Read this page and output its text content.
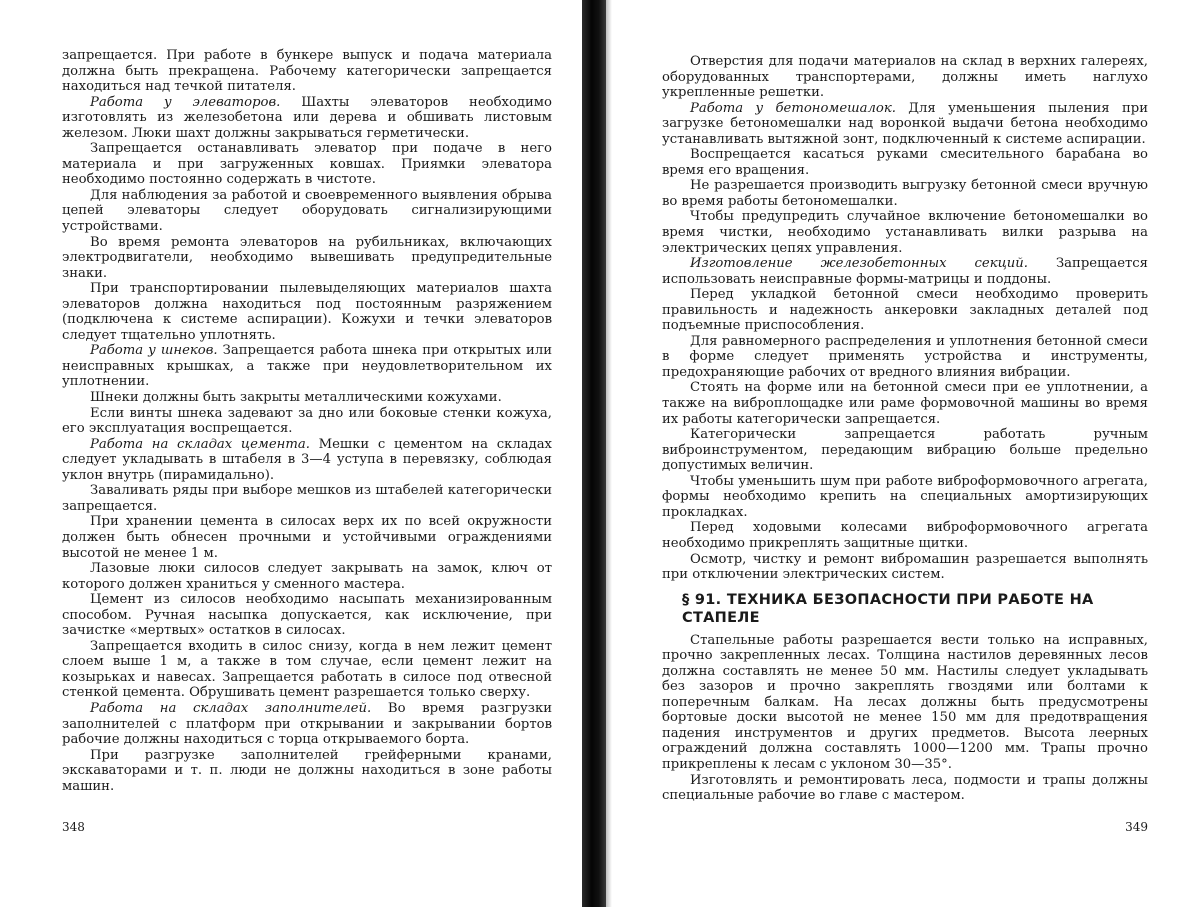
запрещается. При работе в бункере выпуск и подача материала должна быть прекращена. Рабочему категорически запрещается находиться над течкой питателя.

Работа у элеваторов. Шахты элеваторов необходимо изготовлять из железобетона или дерева и обшивать листовым железом. Люки шахт должны закрываться герметически.

Запрещается останавливать элеватор при подаче в него материала и при загруженных ковшах. Приямки элеватора необходимо постоянно содержать в чистоте.

Для наблюдения за работой и своевременного выявления обрыва цепей элеваторы следует оборудовать сигнализирующими устройствами.

Во время ремонта элеваторов на рубильниках, включающих электродвигатели, необходимо вывешивать предупредительные знаки.

При транспортировании пылевыделяющих материалов шахта элеваторов должна находиться под постоянным разряжением (подключена к системе аспирации). Кожухи и течки элеваторов следует тщательно уплотнять.

Работа у шнеков. Запрещается работа шнека при открытых или неисправных крышках, а также при неудовлетворительном их уплотнении.

Шнеки должны быть закрыты металлическими кожухами.

Если винты шнека задевают за дно или боковые стенки кожуха, его эксплуатация воспрещается.

Работа на складах цемента. Мешки с цементом на складах следует укладывать в штабеля в 3—4 уступа в перевязку, соблюдая уклон внутрь (пирамидально).

Заваливать ряды при выборе мешков из штабелей категорически запрещается.

При хранении цемента в силосах верх их по всей окружности должен быть обнесен прочными и устойчивыми ограждениями высотой не менее 1 м.

Лазовые люки силосов следует закрывать на замок, ключ от которого должен храниться у сменного мастера.

Цемент из силосов необходимо насыпать механизированным способом. Ручная насыпка допускается, как исключение, при зачистке «мертвых» остатков в силосах.

Запрещается входить в силос снизу, когда в нем лежит цемент слоем выше 1 м, а также в том случае, если цемент лежит на козырьках и навесах. Запрещается работать в силосе под отвесной стенкой цемента. Обрушивать цемент разрешается только сверху.

Работа на складах заполнителей. Во время разгрузки заполнителей с платформ при открывании и закрывании бортов рабочие должны находиться с торца открываемого борта.

При разгрузке заполнителей грейферными кранами, экскаваторами и т. п. люди не должны находиться в зоне работы машин.

348

Отверстия для подачи материалов на склад в верхних галереях, оборудованных транспортерами, должны иметь наглухо укрепленные решетки.

Работа у бетономешалок. Для уменьшения пыления при загрузке бетономешалки над воронкой выдачи бетона необходимо устанавливать вытяжной зонт, подключенный к системе аспирации.

Воспрещается касаться руками смесительного барабана во время его вращения.

Не разрешается производить выгрузку бетонной смеси вручную во время работы бетономешалки.

Чтобы предупредить случайное включение бетономешалки во время чистки, необходимо устанавливать вилки разрыва на электрических цепях управления.

Изготовление железобетонных секций. Запрещается использовать неисправные формы-матрицы и поддоны.

Перед укладкой бетонной смеси необходимо проверить правильность и надежность анкеровки закладных деталей под подъемные приспособления.

Для равномерного распределения и уплотнения бетонной смеси в форме следует применять устройства и инструменты, предохраняющие рабочих от вредного влияния вибрации.

Стоять на форме или на бетонной смеси при ее уплотнении, а также на виброплощадке или раме формовочной машины во время их работы категорически запрещается.

Категорически запрещается работать ручным виброинструментом, передающим вибрацию больше предельно допустимых величин.

Чтобы уменьшить шум при работе виброформовочного агрегата, формы необходимо крепить на специальных амортизирующих прокладках.

Перед ходовыми колесами виброформовочного агрегата необходимо прикреплять защитные щитки.

Осмотр, чистку и ремонт вибромашин разрешается выполнять при отключении электрических систем.

§ 91. ТЕХНИКА БЕЗОПАСНОСТИ ПРИ РАБОТЕ НА СТАПЕЛЕ

Стапельные работы разрешается вести только на исправных, прочно закрепленных лесах. Толщина настилов деревянных лесов должна составлять не менее 50 мм. Настилы следует укладывать без зазоров и прочно закреплять гвоздями или болтами к поперечным балкам. На лесах должны быть предусмотрены бортовые доски высотой не менее 150 мм для предотвращения падения инструментов и других предметов. Высота леерных ограждений должна составлять 1000—1200 мм. Трапы прочно прикреплены к лесам с уклоном 30—35°.

Изготовлять и ремонтировать леса, подмости и трапы должны специальные рабочие во главе с мастером.

349
